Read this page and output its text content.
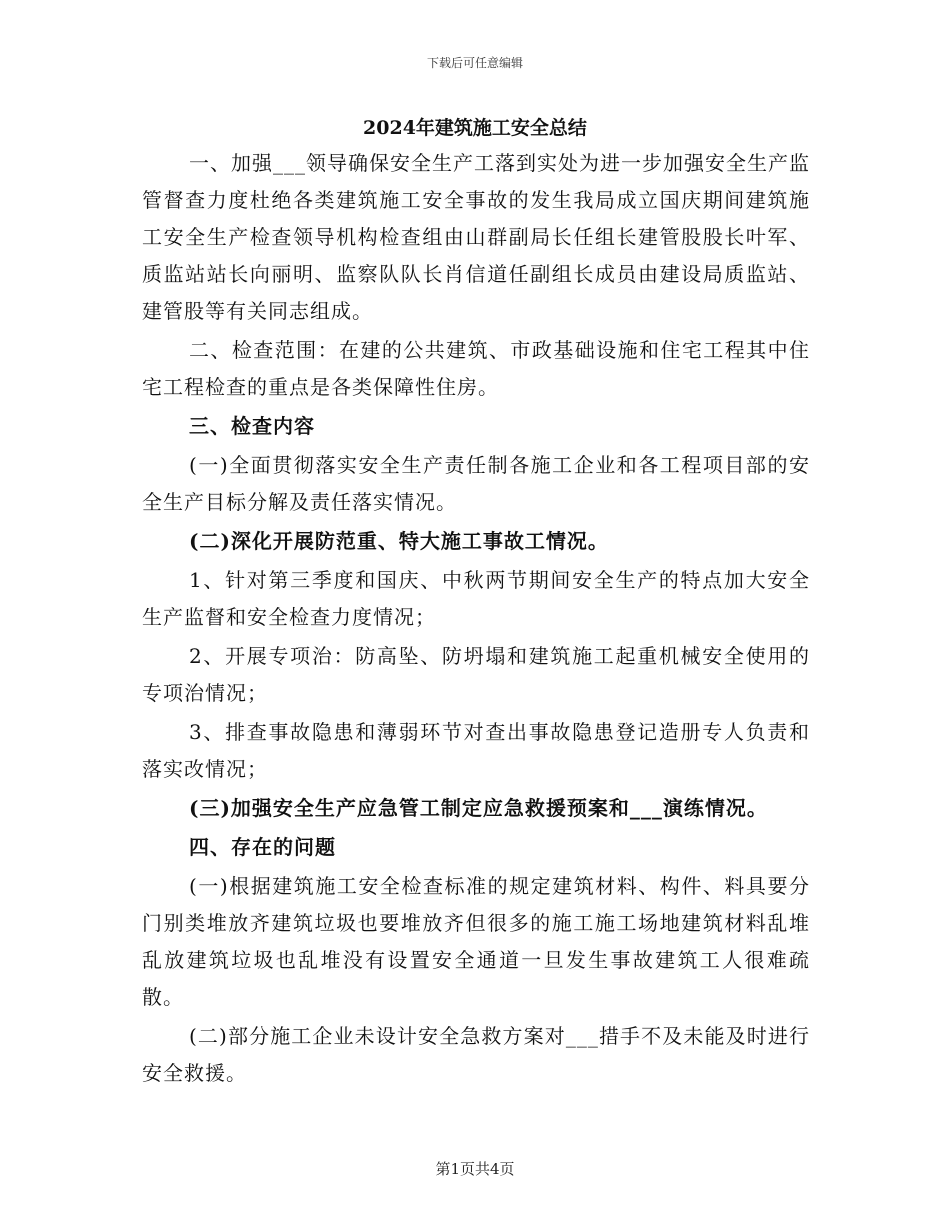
下载后可任意编辑
2024年建筑施工安全总结

一、加强___领导确保安全生产工落到实处为进一步加强安全生产监管督查力度杜绝各类建筑施工安全事故的发生我局成立国庆期间建筑施工安全生产检查领导机构检查组由山群副局长任组长建管股股长叶军、质监站站长向丽明、监察队队长肖信道任副组长成员由建设局质监站、建管股等有关同志组成。

二、检查范围：在建的公共建筑、市政基础设施和住宅工程其中住宅工程检查的重点是各类保障性住房。

三、检查内容

(一)全面贯彻落实安全生产责任制各施工企业和各工程项目部的安全生产目标分解及责任落实情况。

(二)深化开展防范重、特大施工事故工情况。

1、针对第三季度和国庆、中秋两节期间安全生产的特点加大安全生产监督和安全检查力度情况；

2、开展专项治：防高坠、防坍塌和建筑施工起重机械安全使用的专项治情况；

3、排查事故隐患和薄弱环节对查出事故隐患登记造册专人负责和落实改情况；

(三)加强安全生产应急管工制定应急救援预案和___演练情况。

四、存在的问题

(一)根据建筑施工安全检查标准的规定建筑材料、构件、料具要分门别类堆放齐建筑垃圾也要堆放齐但很多的施工施工场地建筑材料乱堆乱放建筑垃圾也乱堆没有设置安全通道一旦发生事故建筑工人很难疏散。

(二)部分施工企业未设计安全急救方案对___措手不及未能及时进行安全救援。

第1页共4页
